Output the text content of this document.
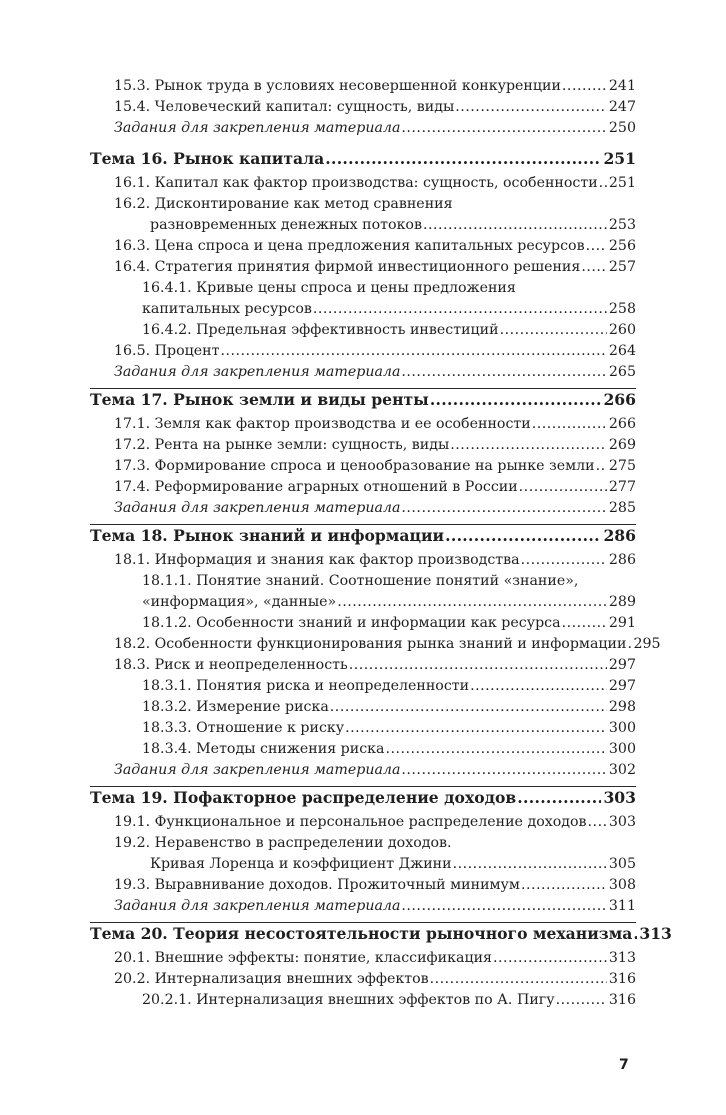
15.3. Рынок труда в условиях несовершенной конкуренции .....	241
15.4. Человеческий капитал: сущность, виды .....	247
Задания для закрепления материала .....	250
Тема 16. Рынок капитала .....	251
16.1. Капитал как фактор производства: сущность, особенности ..... 251
16.2. Дисконтирование как метод сравнения
разновременных денежных потоков .....	253
16.3. Цена спроса и цена предложения капитальных ресурсов ..... 256
16.4. Стратегия принятия фирмой инвестиционного решения ..... 257
16.4.1. Кривые цены спроса и цены предложения
капитальных ресурсов .....	258
16.4.2. Предельная эффективность инвестиций .....	260
16.5. Процент .....	264
Задания для закрепления материала .....	265
Тема 17. Рынок земли и виды ренты .....	266
17.1. Земля как фактор производства и ее особенности .....	266
17.2. Рента на рынке земли: сущность, виды .....	269
17.3. Формирование спроса и ценообразование на рынке земли ..... 275
17.4. Реформирование аграрных отношений в России .....	277
Задания для закрепления материала .....	285
Тема 18. Рынок знаний и информации .....	286
18.1. Информация и знания как фактор производства .....	286
18.1.1. Понятие знаний. Соотношение понятий «знание»,
«информация», «данные» .....	289
18.1.2. Особенности знаний и информации как ресурса .....	291
18.2. Особенности функционирования рынка знаний и информации ..... 295
18.3. Риск и неопределенность .....	297
18.3.1. Понятия риска и неопределенности .....	297
18.3.2. Измерение риска .....	298
18.3.3. Отношение к риску .....	300
18.3.4. Методы снижения риска .....	300
Задания для закрепления материала .....	302
Тема 19. Пофакторное распределение доходов .....	303
19.1. Функциональное и персональное распределение доходов ..... 303
19.2. Неравенство в распределении доходов.
Кривая Лоренца и коэффициент Джини .....	305
19.3. Выравнивание доходов. Прожиточный минимум .....	308
Задания для закрепления материала .....	311
Тема 20. Теория несостоятельности рыночного механизма ..... 313
20.1. Внешние эффекты: понятие, классификация .....	313
20.2. Интернализация внешних эффектов .....	316
20.2.1. Интернализация внешних эффектов по А. Пигу .....	316
7
